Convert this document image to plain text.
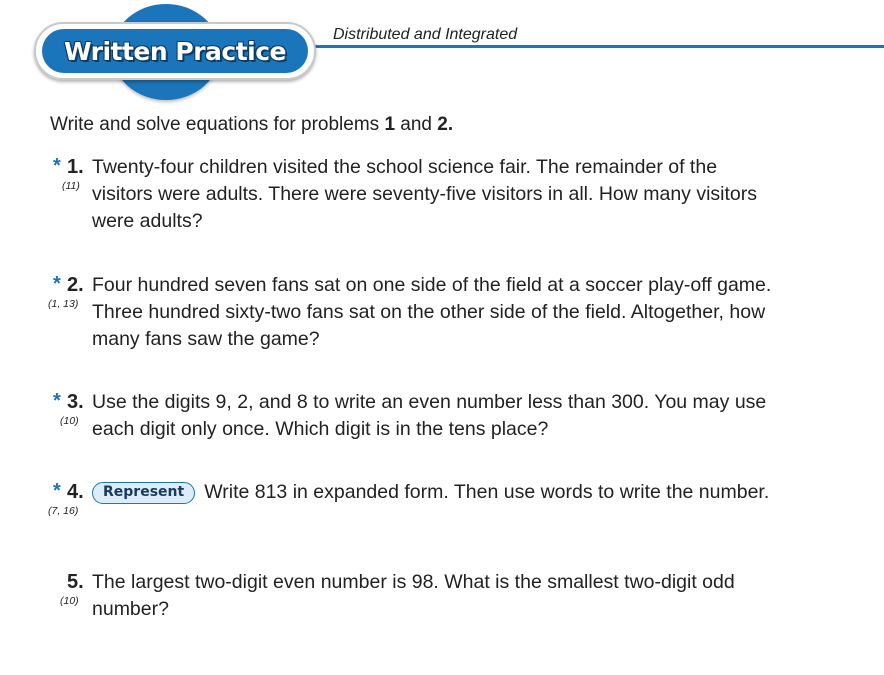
Distributed and Integrated
Written Practice
Write and solve equations for problems 1 and 2.
* 1.
(11)
Twenty-four children visited the school science fair. The remainder of the visitors were adults. There were seventy-five visitors in all. How many visitors were adults?
* 2.
(1, 13)
Four hundred seven fans sat on one side of the field at a soccer play-off game. Three hundred sixty-two fans sat on the other side of the field. Altogether, how many fans saw the game?
* 3.
(10)
Use the digits 9, 2, and 8 to write an even number less than 300. You may use each digit only once. Which digit is in the tens place?
* 4.
(7, 16)
Represent Write 813 in expanded form. Then use words to write the number.
5.
(10)
The largest two-digit even number is 98. What is the smallest two-digit odd number?
